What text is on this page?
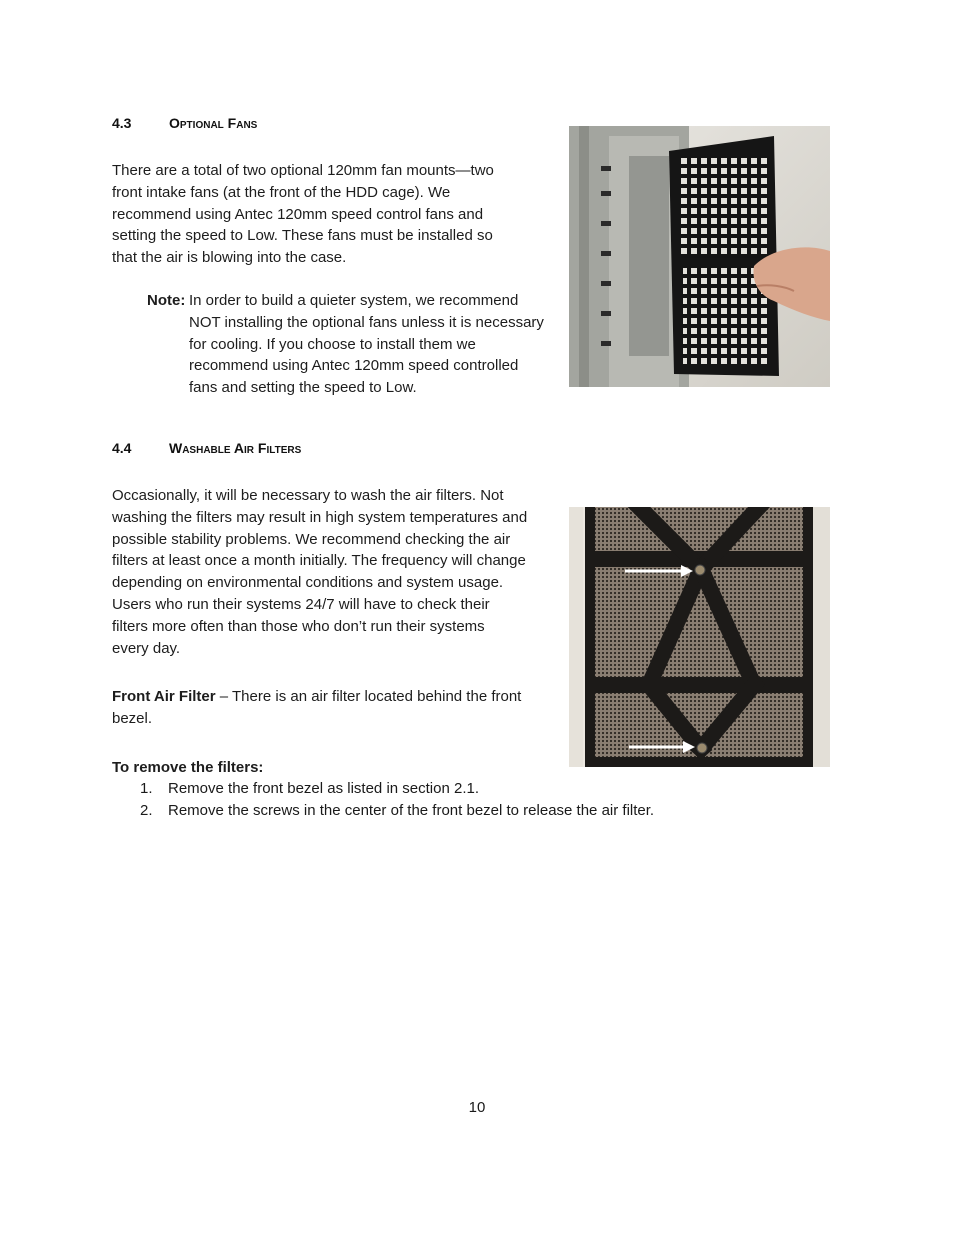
4.3	Optional Fans

There are a total of two optional 120mm fan mounts—two

front intake fans (at the front of the HDD cage). We

recommend using Antec 120mm speed control fans and

setting the speed to Low. These fans must be installed so

that the air is blowing into the case.

Note: In order to build a quieter system, we recommend

NOT installing the optional fans unless it is necessary

for cooling. If you choose to install them we

recommend using Antec 120mm speed controlled

fans and setting the speed to Low.

4.4	Washable Air Filters

Occasionally, it will be necessary to wash the air filters. Not

washing the filters may result in high system temperatures and

possible stability problems. We recommend checking the air

filters at least once a month initially. The frequency will change

depending on environmental conditions and system usage.

Users who run their systems 24/7 will have to check their

filters more often than those who don’t run their systems

every day.

Front Air Filter – There is an air filter located behind the front

bezel.

To remove the filters:
1. Remove the front bezel as listed in section 2.1.
2. Remove the screws in the center of the front bezel to release the air filter.
10
